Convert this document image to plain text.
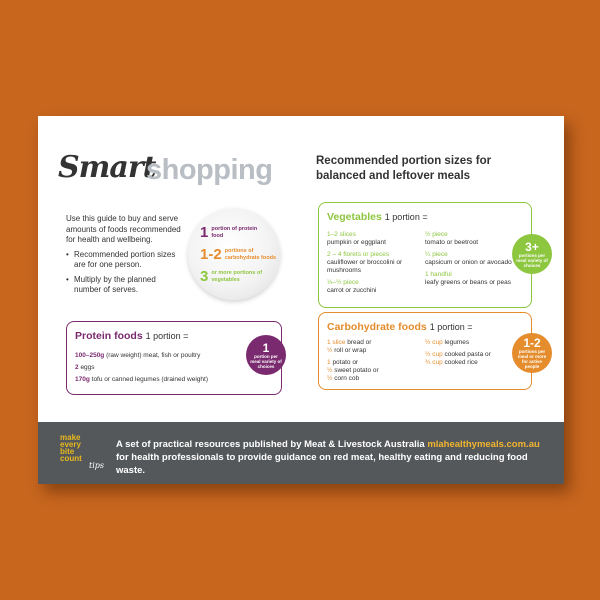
Smart
shopping	Recommended portion sizes for balanced and leftover meals

Use this guide to buy and serve amounts of foods recommended for health and wellbeing.

• Recommended portion sizes are for one person.
• Multiply by the planned number of serves.
1 portion of protein food
1-2 portions of carbohydrate foods
3 or more portions of vegetables
Protein foods 1 portion =
100–250g (raw weight) meat, fish or poultry
2 eggs
170g tofu or canned legumes (drained weight)
1
portion per meal variety of choices
Vegetables 1 portion =
1–2 slices
pumpkin or eggplant
2 – 4 florets or pieces
cauliflower or broccolini or mushrooms
⅓–½ piece
carrot or zucchini
½ piece
tomato or beetroot
¼ piece
capsicum or onion or avocado
1 handful
leafy greens or beans or peas
3+
portions per meal variety of choices
Carbohydrate foods 1 portion =
1 slice bread or
½ roll or wrap
1 potato or
½ sweet potato or
½ corn cob
½ cup legumes
½ cup cooked pasta or
¾ cup cooked rice
1-2
portions per meal or more for active people
make
every
bite
count
tips
A set of practical resources published by Meat & Livestock Australia mlahealthymeals.com.au for health professionals to provide guidance on red meat, healthy eating and reducing food waste.
